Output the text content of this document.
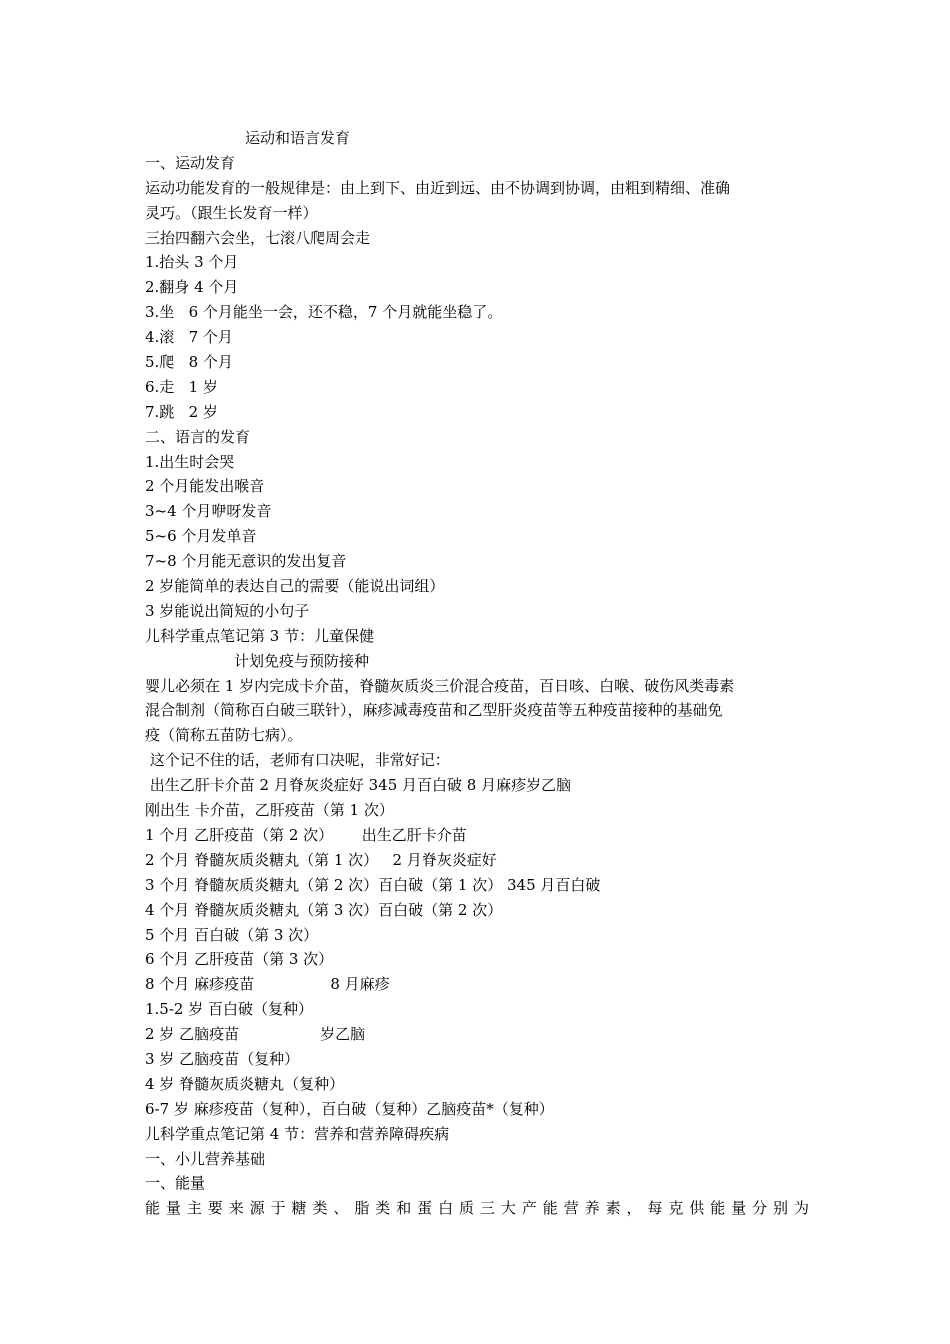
运动和语言发育
一、运动发育
运动功能发育的一般规律是：由上到下、由近到远、由不协调到协调，由粗到精细、准确
灵巧。（跟生长发育一样）
三抬四翻六会坐，七滚八爬周会走
1.抬头 3 个月
2.翻身 4 个月
3.坐   6 个月能坐一会，还不稳，7 个月就能坐稳了。
4.滚   7 个月
5.爬   8 个月
6.走   1 岁
7.跳   2 岁
二、语言的发育
1.出生时会哭
2 个月能发出喉音
3~4 个月咿呀发音
5~6 个月发单音
7~8 个月能无意识的发出复音
2 岁能简单的表达自己的需要（能说出词组）
3 岁能说出简短的小句子
儿科学重点笔记第 3 节：儿童保健
计划免疫与预防接种
婴儿必须在 1 岁内完成卡介苗，脊髓灰质炎三价混合疫苗，百日咳、白喉、破伤风类毒素
混合制剂（简称百白破三联针），麻疹减毒疫苗和乙型肝炎疫苗等五种疫苗接种的基础免
疫（简称五苗防七病）。
这个记不住的话，老师有口决呢，非常好记：
出生乙肝卡介苗 2 月脊灰炎症好 345 月百白破 8 月麻疹岁乙脑
刚出生 卡介苗，乙肝疫苗（第 1 次）
1 个月 乙肝疫苗（第 2 次）      出生乙肝卡介苗
2 个月 脊髓灰质炎糖丸（第 1 次）   2 月脊灰炎症好
3 个月 脊髓灰质炎糖丸（第 2 次）百白破（第 1 次） 345 月百白破
4 个月 脊髓灰质炎糖丸（第 3 次）百白破（第 2 次）
5 个月 百白破（第 3 次）
6 个月 乙肝疫苗（第 3 次）
8 个月 麻疹疫苗                8 月麻疹
1.5-2 岁 百白破（复种）
2 岁 乙脑疫苗                 岁乙脑
3 岁 乙脑疫苗（复种）
4 岁 脊髓灰质炎糖丸（复种）
6-7 岁 麻疹疫苗（复种），百白破（复种）乙脑疫苗*（复种）
儿科学重点笔记第 4 节：营养和营养障碍疾病
一、小儿营养基础
一、能量
能量主要来源于糖类、脂类和蛋白质三大产能营养素，每克供能量分别为
